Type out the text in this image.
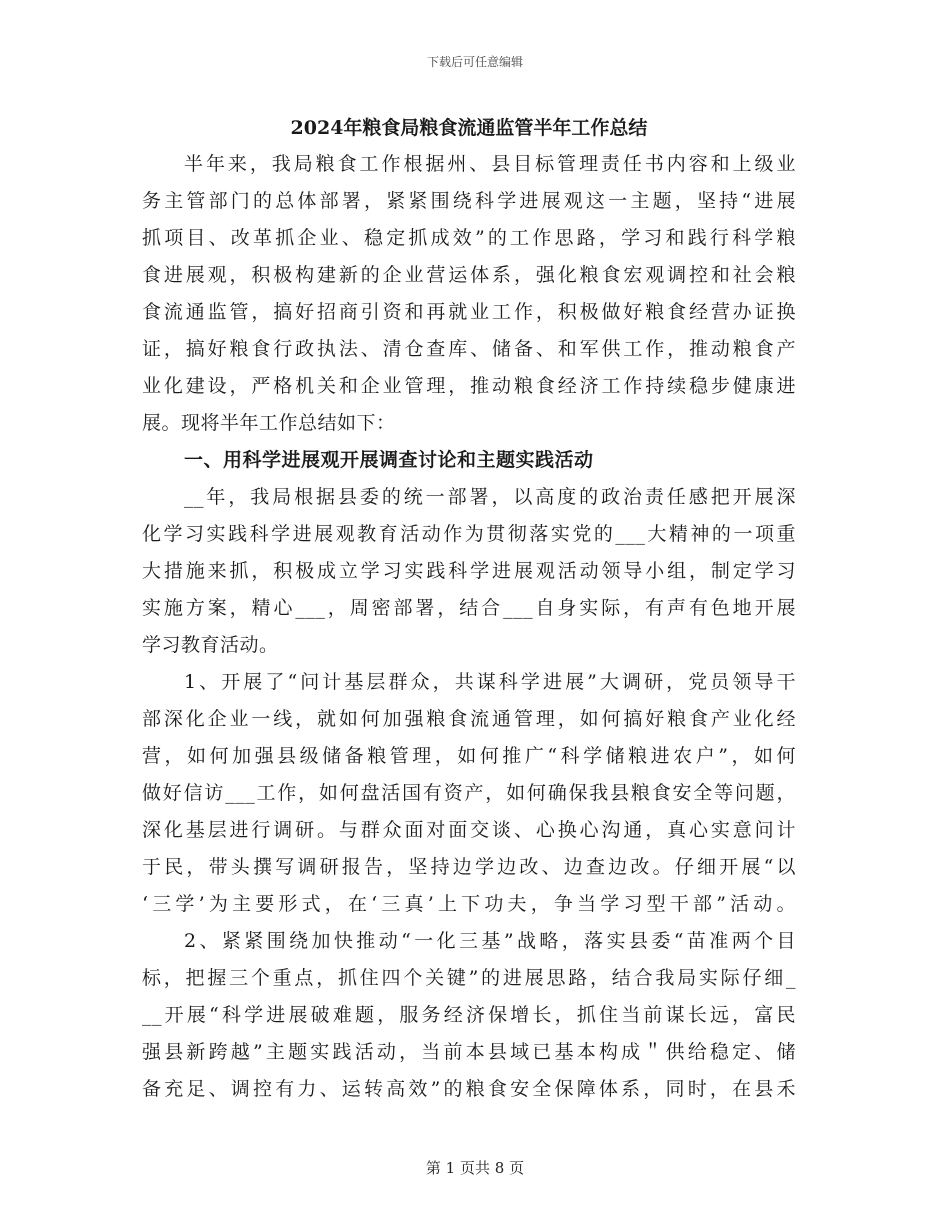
下载后可任意编辑
2024年粮食局粮食流通监管半年工作总结
半年来，我局粮食工作根据州、县目标管理责任书内容和上级业
务主管部门的总体部署，紧紧围绕科学进展观这一主题，坚持“进展
抓项目、改革抓企业、稳定抓成效”的工作思路，学习和践行科学粮
食进展观，积极构建新的企业营运体系，强化粮食宏观调控和社会粮
食流通监管，搞好招商引资和再就业工作，积极做好粮食经营办证换
证，搞好粮食行政执法、清仓查库、储备、和军供工作，推动粮食产
业化建设，严格机关和企业管理，推动粮食经济工作持续稳步健康进
展。现将半年工作总结如下：
一、用科学进展观开展调查讨论和主题实践活动
__年，我局根据县委的统一部署，以高度的政治责任感把开展深
化学习实践科学进展观教育活动作为贯彻落实党的___大精神的一项重
大措施来抓，积极成立学习实践科学进展观活动领导小组，制定学习
实施方案，精心___，周密部署，结合___自身实际，有声有色地开展
学习教育活动。
1、开展了“问计基层群众，共谋科学进展”大调研，党员领导干
部深化企业一线，就如何加强粮食流通管理，如何搞好粮食产业化经
营，如何加强县级储备粮管理，如何推广“科学储粮进农户”，如何
做好信访___工作，如何盘活国有资产，如何确保我县粮食安全等问题，
深化基层进行调研。与群众面对面交谈、心换心沟通，真心实意问计
于民，带头撰写调研报告，坚持边学边改、边查边改。仔细开展“以
‘三学’为主要形式，在‘三真’上下功夫，争当学习型干部”活动。
2、紧紧围绕加快推动“一化三基”战略，落实县委“苗准两个目
标，把握三个重点，抓住四个关键”的进展思路，结合我局实际仔细_
__开展“科学进展破难题，服务经济保增长，抓住当前谋长远，富民
强县新跨越”主题实践活动，当前本县域已基本构成＂供给稳定、储
备充足、调控有力、运转高效”的粮食安全保障体系，同时，在县禾
第 1 页共 8 页
